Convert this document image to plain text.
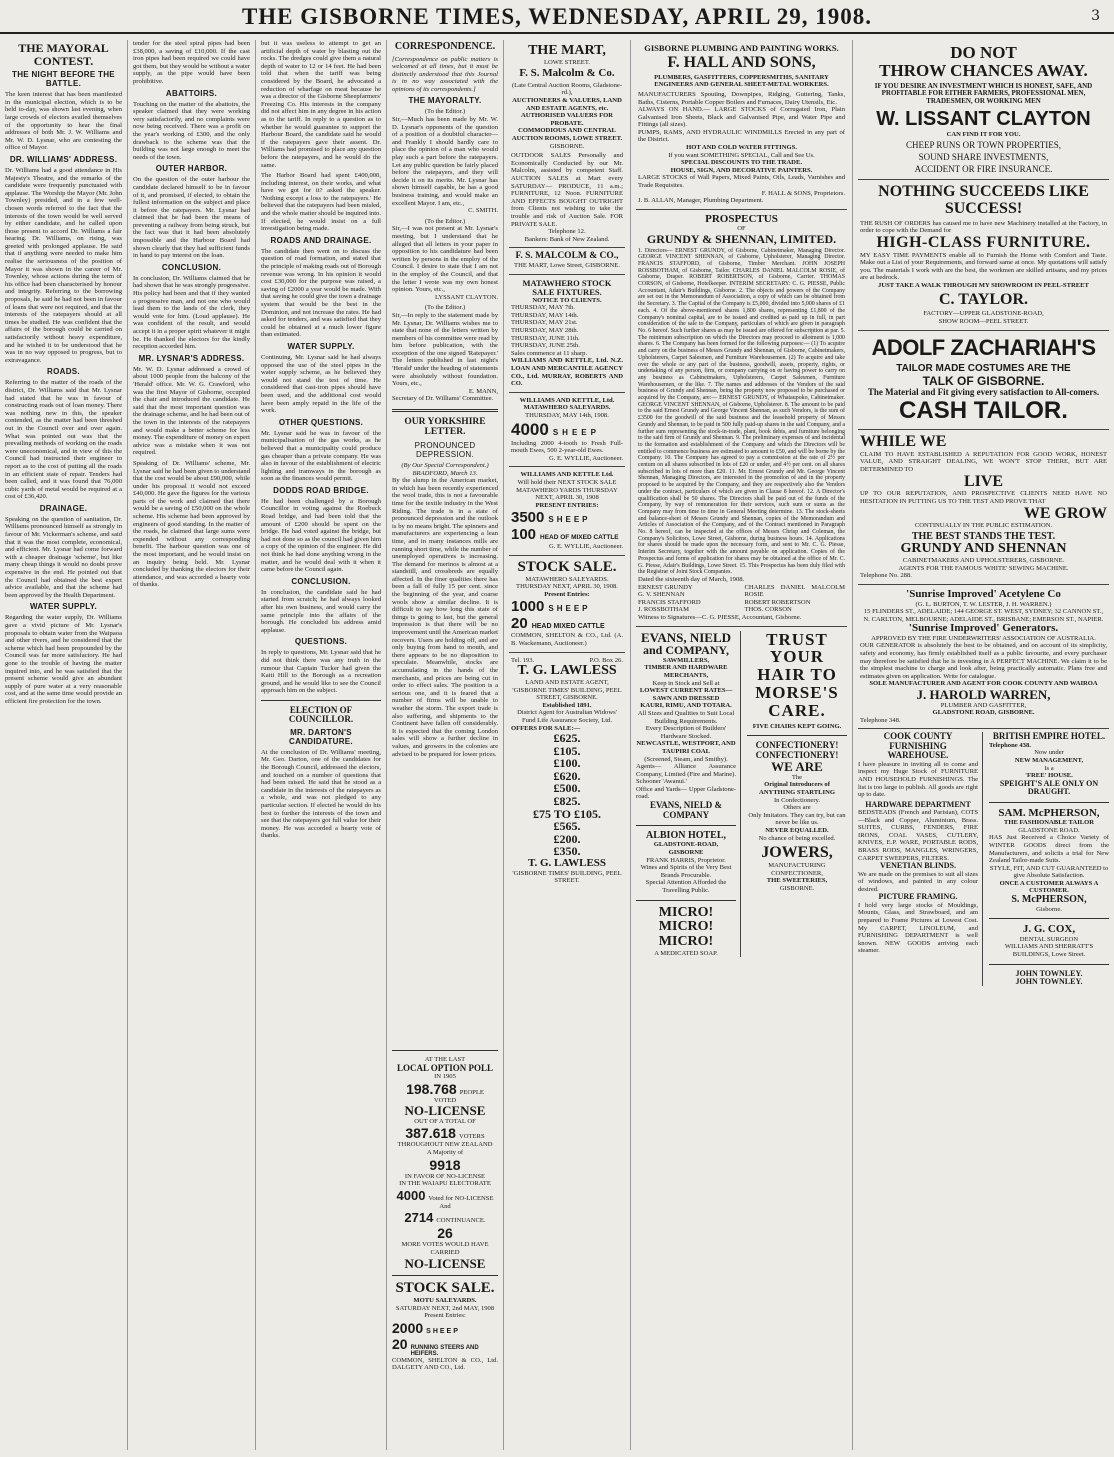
THE GISBORNE TIMES, WEDNESDAY, APRIL 29, 1908.	3
THE MAYORAL CONTEST.
THE NIGHT BEFORE THE BATTLE.

The keen interest that has been manifested in the municipal election, which is to be held to-day, was shown last evening, when large crowds of electors availed themselves of the opportunity to hear the final addresses of both Mr. J. W. Williams and Mr. W. D. Lysnar, who are contesting the office of Mayor.

DR. WILLIAMS' ADDRESS.

Dr. Williams had a good attendance in His Majesty's Theatre, and the remarks of the candidate were frequently punctuated with applause. The Worship the Mayor (Mr. John Townley) presided, and in a few well-chosen words referred to the fact that the interests of the town would be well served by either candidate, and he called upon those present to accord Dr. Williams a fair hearing. Dr. Williams, on rising, was greeted with prolonged applause. He said that if anything were needed to make him realise the seriousness of the position of Mayor it was shown in the career of Mr. Townley, whose actions during the term of his office had been characterised by honour and integrity. Referring to the borrowing proposals, he said he had not been in favour of loans that were not required, and that the interests of the ratepayers should at all times be studied. He was confident that the affairs of the borough could be carried on satisfactorily without heavy expenditure, and he wished it to be understood that he was in no way opposed to progress, but to extravagance.

ROADS.

Referring to the matter of the roads of the district, Dr. Williams said that Mr. Lysnar had stated that he was in favour of constructing roads out of loan money. There was nothing new in this, the speaker contended, as the matter had been threshed out in the Council over and over again. What was pointed out was that the prevailing methods of working on the roads were uneconomical, and in view of this the Council had instructed their engineer to report as to the cost of putting all the roads in an efficient state of repair. Tenders had been called, and it was found that 76,000 cubic yards of metal would be required at a cost of £36,420.

DRAINAGE.

Speaking on the question of sanitation, Dr. Williams pronounced himself as strongly in favour of Mr. Vickerman's scheme, and said that it was the most complete, economical, and efficient. Mr. Lysnar had come forward with a cheaper drainage 'scheme', but like many cheap things it would no doubt prove expensive in the end. He pointed out that the Council had obtained the best expert advice available, and that the scheme had been approved by the Health Department.

WATER SUPPLY.

Regarding the water supply, Dr. Williams gave a vivid picture of Mr. Lysnar's proposals to obtain water from the Waipaoa and other rivers, and he considered that the scheme which had been propounded by the Council was far more satisfactory. He had gone to the trouble of having the matter inquired into, and he was satisfied that the present scheme would give an abundant supply of pure water at a very reasonable cost, and at the same time would provide an efficient fire protection for the town.

tender for the steel spiral pipes had been £38,000, a saving of £10,000. If the cast iron pipes had been required we could have got them, but they would be without a water supply, as the pipe would have been prohibitive.

ABATTOIRS.

Touching on the matter of the abattoirs, the speaker claimed that they were working very satisfactorily, and no complaints were now being received. There was a profit on the year's working of £300, and the only drawback to the scheme was that the building was not large enough to meet the needs of the town.

OUTER HARBOR.

On the question of the outer harbour the candidate declared himself to be in favour of it, and promised, if elected, to obtain the fullest information on the subject and place it before the ratepayers. Mr. Lysnar had claimed that he had been the means of preventing a railway from being struck, but the fact was that it had been absolutely impossible and the Harbour Board had shown clearly that they had sufficient funds in hand to pay interest on the loan.

CONCLUSION.

In conclusion, Dr. Williams claimed that he had shown that he was strongly progressive. His policy had been and that if they wanted a progressive man, and not one who would lead them to the lands of the clerk, they would vote for him. (Loud applause). He was confident of the result, and would accept it in a proper spirit whatever it might be. He thanked the electors for the kindly reception accorded him.

MR. LYSNAR'S ADDRESS.

Mr. W. D. Lysnar addressed a crowd of about 1000 people from the balcony of the 'Herald' office. Mr. W. G. Crawford, who was the first Mayor of Gisborne, occupied the chair and introduced the candidate. He said that the most important question was the drainage scheme, and he had been out of the town in the interests of the ratepayers and would make a better scheme for less money. The expenditure of money on expert advice was a mistake when it was not required.

Speaking of Dr. Williams' scheme, Mr. Lysnar said he had been given to understand that the cost would be about £90,000, while under his proposal it would not exceed £40,000. He gave the figures for the various parts of the work and claimed that there would be a saving of £50,000 on the whole scheme. His scheme had been approved by engineers of good standing. In the matter of the roads, he claimed that large sums were expended without any corresponding benefit. The harbour question was one of the most important, and he would insist on an inquiry being held. Mr. Lysnar concluded by thanking the electors for their attendance, and was accorded a hearty vote of thanks.

but it was useless to attempt to get an artificial depth of water by blasting out the rocks. The dredges could give them a natural depth of water to 12 or 14 feet. He had been told that when the tariff was being considered by the Board, he advocated a reduction of wharfage on meat because he was a director of the Gisborne Sheepfarmers' Freezing Co. His interests in the company did not affect him in any degree in his action as to the tariff. In reply to a question as to whether he would guarantee to support the Harbour Board, the candidate said he would if the ratepayers gave their assent. Dr. Williams had promised to place any question before the ratepayers, and he would do the same.

The Harbor Board had spent £400,000, including interest, on their works, and what have we got for it? asked the speaker. 'Nothing except a loss to the ratepayers.' He believed that the ratepayers had been misled, and the whole matter should be inquired into. If elected, he would insist on a full investigation being made.

ROADS AND DRAINAGE.

The candidate then went on to discuss the question of road formation, and stated that the principle of making roads out of Borough revenue was wrong. In his opinion it would cost £30,000 for the purpose was raised, a saving of £2000 a year would be made. With that saving he could give the town a drainage system that would be the best in the Dominion, and not increase the rates. He had asked for tenders, and was satisfied that they could be obtained at a much lower figure than estimated.

WATER SUPPLY.

Continuing, Mr. Lysnar said he had always opposed the use of the steel pipes in the water supply scheme, as he believed they would not stand the test of time. He considered that cast-iron pipes should have been used, and the additional cost would have been amply repaid in the life of the work.

OTHER QUESTIONS.

Mr. Lysnar said he was in favour of the municipalisation of the gas works, as he believed that a municipality could produce gas cheaper than a private company. He was also in favour of the establishment of electric lighting and tramways in the borough as soon as the finances would permit.

DODDS ROAD BRIDGE.

He had been challenged by a Borough Councillor in voting against the Roebuck Road bridge, and had been told that the amount of £200 should be spent on the bridge. He had voted against the bridge, but had not done so as the council had given him a copy of the opinion of the engineer. He did not think he had done anything wrong in the matter, and he would deal with it when it came before the Council again.

CONCLUSION.

In conclusion, the candidate said he had started from scratch; he had always looked after his own business, and would carry the same principle into the affairs of the borough. He concluded his address amid applause.

QUESTIONS.

In reply to questions, Mr. Lysnar said that he did not think there was any truth in the rumour that Captain Tucker had given the Kaiti Hill to the Borough as a recreation ground, and he would like to see the Council approach him on the subject.

ELECTION OF COUNCILLOR.
MR. DARTON'S CANDIDATURE.

At the conclusion of Dr. Williams' meeting, Mr. Geo. Darton, one of the candidates for the Borough Council, addressed the electors, and touched on a number of questions that had been raised. He said that he stood as a candidate in the interests of the ratepayers as a whole, and was not pledged to any particular section. If elected he would do his best to further the interests of the town and see that the ratepayers got full value for their money. He was accorded a hearty vote of thanks.

CORRESPONDENCE.

[Correspondence on public matters is welcomed at all times, but it must be distinctly understood that this Journal is in no way associated with the opinions of its correspondents.]

THE MAYORALTY.
(To the Editor.)

Sir,—Much has been made by Mr. W. D. Lysnar's opponents of the question of a position of a doubtful character—and Frankly I should hardly care to place the opinion of a man who would play such a part before the ratepayers. Let any public question be fairly placed before the ratepayers, and they will decide it on its merits. Mr. Lysnar has shown himself capable, he has a good business training, and would make an excellent Mayor. I am, etc.,

C. SMITH.
(To the Editor.)

Sir,—I was not present at Mr. Lysnar's meeting, but I understand that he alleged that all letters in your paper in opposition to his candidature had been written by persons in the employ of the Council. I desire to state that I am not in the employ of the Council, and that the letter I wrote was my own honest opinion. Yours, etc.,

LYSSANT CLAYTON.
(To the Editor.)

Sir,—In reply to the statement made by Mr. Lysnar, Dr. Williams wishes me to state that none of the letters written by members of his committee were read by him before publication, with the exception of the one signed 'Ratepayer.' The letters published in last night's 'Herald' under the heading of statements were absolutely without foundation. Yours, etc.,

E. MANN,
Secretary of Dr. Williams' Committee.
OUR YORKSHIRE LETTER.
PRONOUNCED DEPRESSION.
(By Our Special Correspondent.) BRADFORD, March 13.

By the slump in the American market, in which has been recently experienced the wool trade, this is not a favourable time for the textile industry in the West Riding. The trade is in a state of pronounced depression and the outlook is by no means bright. The spinners and manufacturers are experiencing a lean time, and in many instances mills are running short time, while the number of unemployed operatives is increasing. The demand for merinos is almost at a standstill, and crossbreds are equally affected. In the finer qualities there has been a fall of fully 15 per cent. since the beginning of the year, and coarse wools show a similar decline. It is difficult to say how long this state of things is going to last, but the general impression is that there will be no improvement until the American market recovers. Users are holding off, and are only buying from hand to mouth, and there appears to be no disposition to speculate. Meanwhile, stocks are accumulating in the hands of the merchants, and prices are being cut in order to effect sales. The position is a serious one, and it is feared that a number of firms will be unable to weather the storm. The export trade is also suffering, and shipments to the Continent have fallen off considerably. It is expected that the coming London sales will show a further decline in values, and growers in the colonies are advised to be prepared for lower prices.

THE MART,
LOWE STREET.
F. S. Malcolm & Co.
(Late Central Auction Rooms, Gladstone-rd.),
AUCTIONEERS & VALUERS, LAND AND ESTATE AGENTS, etc.
AUTHORISED VALUERS FOR PROBATE.
COMMODIOUS AND CENTRAL AUCTION ROOMS, LOWE STREET.
GISBORNE.

OUTDOOR SALES Personally and Economically Conducted by our Mr. Malcolm, assisted by competent Staff. AUCTION SALES at Mart every SATURDAY— PRODUCE, 11 a.m.; FURNITURE, 12 Noon. FURNITURE AND EFFECTS BOUGHT OUTRIGHT from Clients not wishing to take the trouble and risk of Auction Sale. FOR PRIVATE SALE.

Telephone 12.
Bankers: Bank of New Zealand.
F. S. MALCOLM & CO.,
THE MART, Lowe Street, GISBORNE.
MATAWHERO STOCK SALE FIXTURES.
NOTICE TO CLIENTS.
THURSDAY, MAY 7th.
THURSDAY, MAY 14th.
THURSDAY, MAY 21st.
THURSDAY, MAY 28th.
THURSDAY, JUNE 11th.
THURSDAY, JUNE 25th.
Sales commence at 11 sharp.
WILLIAMS AND KETTLE, Ltd. N.Z. LOAN AND MERCANTILE AGENCY CO., Ltd. MURRAY, ROBERTS AND CO.
WILLIAMS AND KETTLE, Ltd.
MATAWHERO SALEYARDS.
THURSDAY, MAY 14th, 1908.
4000 SHEEP

Including 2000 4-tooth to Fresh Full-mouth Ewes, 500 2-year-old Ewes.

G. E. WYLLIE, Auctioneer.
WILLIAMS AND KETTLE Ltd.

Will hold their NEXT STOCK SALE MATAWHERO YARDS THURSDAY NEXT, APRIL 30, 1908

PRESENT ENTRIES:
3500 SHEEP
100 HEAD OF MIXED CATTLE
G. E. WYLLIE, Auctioneer.
STOCK SALE.
MATAWHERO SALEYARDS. THURSDAY NEXT, APRIL 30, 1908.
Present Entries:
1000 SHEEP
20 HEAD MIXED CATTLE
COMMON, SHELTON & CO., Ltd. (A. B. Wackemann, Auctioneer.)
Tel. 193.	P.O. Box 26.
T. G. LAWLESS
LAND AND ESTATE AGENT, 'GISBORNE TIMES' BUILDING, PEEL STREET, GISBORNE.
Established 1891.
District Agent for Australian Widows' Fund Life Assurance Society, Ltd.
OFFERS FOR SALE:—
£625.
£105.
£100.
£620.
£500.
£825.
£75 TO £105.
£565.
£200.
£350.
T. G. LAWLESS
'GISBORNE TIMES' BUILDING, PEEL STREET.
GISBORNE PLUMBING AND PAINTING WORKS.
F. HALL AND SONS,
PLUMBERS, GASFITTERS, COPPERSMITHS, SANITARY ENGINEERS AND GENERAL SHEET-METAL WORKERS.

MANUFACTURERS Spouting, Downpipes, Ridging, Guttering, Tanks, Baths, Cisterns, Portable Copper Boilers and Furnaces, Dairy Utensils, Etc.

ALWAYS ON HAND.— LARGE STOCKS of Corrugated Iron, Plain Galvanised Iron Sheets, Black and Galvanised Pipe, and Water Pipe and Fittings (all sizes).

PUMPS, RAMS, AND HYDRAULIC WINDMILLS Erected in any part of the District.

HOT AND COLD WATER FITTINGS.
If you want SOMETHING SPECIAL, Call and See Us.
SPECIAL DISCOUNTS TO THE TRADE.
HOUSE, SIGN, AND DECORATIVE PAINTERS.

LARGE STOCKS of Wall Papers, Mixed Paints, Oils, Leads, Varnishes and Trade Requisites.

F. HALL & SONS, Proprietors.
J. B. ALLAN, Manager, Plumbing Department.
PROSPECTUS
OF
GRUNDY & SHENNAN, LIMITED.

1. Directors— ERNEST GRUNDY, of Gisborne, Cabinetmaker, Managing Director. GEORGE VINCENT SHENNAN, of Gisborne, Upholsterer, Managing Director. FRANCIS STAFFORD, of Gisborne, Timber Merchant. JOHN JOSEPH ROSSBOTHAM, of Gisborne, Tailor. CHARLES DANIEL MALCOLM ROSIE, of Gisborne, Draper. ROBERT ROBERTSON, of Gisborne, Carrier. THOMAS CORSON, of Gisborne, Hotelkeeper. INTERIM SECRETARY: C. G. PIESSE, Public Accountant, Adair's Buildings, Gisborne. 2. The objects and powers of the Company are set out in the Memorandum of Association, a copy of which can be obtained from the Secretary. 3. The Capital of the Company is £5,000, divided into 5,000 shares of £1 each. 4. Of the above-mentioned shares 1,800 shares, representing £1,800 of the Company's nominal capital, are to be issued and credited as paid up in full, in part consideration of the sale to the Company, particulars of which are given in paragraph No. 6 hereof. Such further shares as may be issued are offered for subscription at par. 5. The minimum subscription on which the Directors may proceed to allotment is 1,000 shares. 6. The Company has been formed for the following purposes:— (1) To acquire and carry on the business of Messrs Grundy and Shennan, of Gisborne, Cabinetmakers, Upholsterers, Carpet Salesmen, and Furniture Warehousemen. (2) To acquire and take over the whole or any part of the business, goodwill, assets, property, rights, or undertaking of any person, firm, or company carrying on or having power to carry on any business as Cabinetmakers, Upholsterers, Carpet Salesmen, Furniture Warehousemen, or the like. 7. The names and addresses of the Vendors of the said business of Grundy and Shennan, being the property now proposed to be purchased or acquired by the Company, are:— ERNEST GRUNDY, of Whataupoko, Cabinetmaker. GEORGE VINCENT SHENNAN, of Gisborne, Upholsterer. 8. The amount to be paid to the said Ernest Grundy and George Vincent Shennan, as such Vendors, is the sum of £3500 for the goodwill of the said business and the leasehold property of Messrs Grundy and Shennan, to be paid in 500 fully paid-up shares in the said Company, and a further sum representing the stock-in-trade, plant, book debts, and furniture belonging to the said firm of Grundy and Shennan. 9. The preliminary expenses of and incidental to the formation and establishment of the Company and which the Directors will be entitled to commence business are estimated to amount to £50, and will be borne by the Company. 10. The Company has agreed to pay a commission at the rate of 2½ per centum on all shares subscribed in lots of £20 or under, and 4½ per cent. on all shares subscribed in lots of more than £20. 11. Mr. Ernest Grundy and Mr. George Vincent Shennan, Managing Directors, are interested in the promotion of and in the property proposed to be acquired by the Company, and they are respectively also the Vendors under the contract, particulars of which are given in Clause 8 hereof. 12. A Director's qualification shall be 50 shares. The Directors shall be paid out of the funds of the Company, by way of remuneration for their services, such sum or sums as the Company may from time to time in General Meeting determine. 13. The stock-sheets and balance-sheet of Messrs Grundy and Shennan, copies of the Memorandum and Articles of Association of the Company, and of the Contract mentioned in Paragraph No. 8 hereof, can be inspected at the offices of Messrs Chrisp and Coleman, the Company's Solicitors, Lowe Street, Gisborne, during business hours. 14. Applications for shares should be made upon the necessary form, and sent to Mr. C. G. Piesse, Interim Secretary, together with the amount payable on application. Copies of the Prospectus and forms of application for shares may be obtained at the office of Mr. C. G. Piesse, Adair's Buildings, Lowe Street. 15. This Prospectus has been duly filed with the Registrar of Joint Stock Companies.

Dated the sixteenth day of March, 1908.
ERNEST GRUNDY
G. V. SHENNAN
FRANCIS STAFFORD
J. ROSSBOTHAM
CHARLES DANIEL MALCOLM ROSIE
ROBERT ROBERTSON
THOS. CORSON
Witness to Signatures—C. G. PIESSE, Accountant, Gisborne.
EVANS, NIELD
and COMPANY,
SAWMILLERS,
TIMBER AND HARDWARE MERCHANTS,
Keep in Stock and Sell at
LOWEST CURRENT RATES—
SAWN AND DRESSED
KAURI, RIMU, AND TOTARA.
All Sizes and Qualities to Suit Local Building Requirements.
Every Description of Builders' Hardware Stocked.
NEWCASTLE, WESTPORT, AND TAUPIRI COAL
(Screened, Steam, and Smithy).
Agents— Alliance Assurance Company, Limited (Fire and Marine). Schooner 'Awanui.'
Office and Yards— Upper Gladstone-road.
EVANS, NIELD & COMPANY
ALBION HOTEL,
GLADSTONE-ROAD, GISBORNE
FRANK HARRIS, Proprietor.
Wines and Spirits of the Very Best Brands Procurable.
Special Attention Afforded the Travelling Public.
MICRO! MICRO! MICRO!
A MEDICATED SOAP.
TRUST YOUR HAIR TO MORSE'S CARE.
FIVE CHAIRS KEPT GOING.
CONFECTIONERY! CONFECTIONERY!
WE ARE
The
Original Introducers of
ANYTHING STARTLING
In Confectionery.
Others are
Only Imitators. They can try, but can never be like us.
NEVER EQUALLED.
No chance of being excelled.
JOWERS,
MANUFACTURING CONFECTIONER,
THE SWEETERIES,
GISBORNE.
AT THE LAST
LOCAL OPTION POLL
IN 1905
198.768 PEOPLE
VOTED
NO-LICENSE
OUT OF A TOTAL OF
387.618 VOTERS
THROUGHOUT NEW ZEALAND
A Majority of
9918
IN FAVOR OF NO-LICENSE
IN THE WAIAPU ELECTORATE
4000 Voted for NO-LICENSE
And
2714 CONTINUANCE.
26
MORE VOTES WOULD HAVE CARRIED
NO-LICENSE
STOCK SALE.
MOTU SALEYARDS.
SATURDAY NEXT, 2nd MAY, 1908
Present Entries:
2000 SHEEP
20 RUNNING STEERS AND HEIFERS.
COMMON, SHELTON & CO., Ltd. DALGETY AND CO., Ltd.
DO NOT
THROW CHANCES AWAY.

IF YOU DESIRE AN INVESTMENT WHICH IS HONEST, SAFE, AND PROFITABLE FOR EITHER FARMERS, PROFESSIONAL MEN, TRADESMEN, OR WORKING MEN

W. LISSANT CLAYTON
CAN FIND IT FOR YOU.
CHEEP RUNS OR TOWN PROPERTIES,
SOUND SHARE INVESTMENTS,
ACCIDENT OR FIRE INSURANCE.
NOTHING SUCCEEDS LIKE
SUCCESS!

THE RUSH OF ORDERS has caused me to have new Machinery installed at the Factory, in order to cope with the Demand for

HIGH-CLASS FURNITURE.

MY EASY TIME PAYMENTS enable all to Furnish the Home with Comfort and Taste. Make out a List of your Requirements, and forward same at once. My quotations will satisfy you. The materials I work with are the best, the workmen are skilled artisans, and my prices are at bedrock.

JUST TAKE A WALK THROUGH MY SHOWROOM IN PEEL-STREET
C. TAYLOR.
FACTORY—UPPER GLADSTONE-ROAD,
SHOW ROOM—PEEL STREET.
ADOLF ZACHARIAH'S
TAILOR MADE COSTUMES ARE THE
TALK OF GISBORNE.
The Material and Fit giving every satisfaction to All-comers.
CASH TAILOR.
WHILE WE

CLAIM TO HAVE ESTABLISHED A REPUTATION FOR GOOD WORK, HONEST VALUE, AND STRAIGHT DEALING, WE WON'T STOP THERE, BUT ARE DETERMINED TO

LIVE

UP TO OUR REPUTATION, AND PROSPECTIVE CLIENTS NEED HAVE NO HESITATION IN PUTTING US TO THE TEST AND PROVE THAT

WE GROW

CONTINUALLY IN THE PUBLIC ESTIMATION.

THE BEST STANDS THE TEST.
GRUNDY AND SHENNAN
CABINETMAKERS AND UPHOLSTERERS, GISBORNE.
AGENTS FOR THE FAMOUS 'WHITE' SEWING MACHINE.
Telephone No. 288.
'Sunrise Improved' Acetylene Co
(G. L. BURTON, T. W. LESTER, J. H. WARREN.)

15 FLINDERS ST., ADELAIDE; 144 GEORGE ST. WEST, SYDNEY; 32 CANNON ST., N. CARLTON, MELBOURNE; ADELAIDE ST., BRISBANE; EMERSON ST., NAPIER.

'Sunrise Improved' Generators.
APPROVED BY THE FIRE UNDERWRITERS' ASSOCIATION OF AUSTRALIA.

OUR GENERATOR is absolutely the best to be obtained, and on account of its simplicity, safety and economy, has firmly established itself as a public favourite, and every purchaser may therefore be satisfied that he is investing in A PERFECT MACHINE. We claim it to be the simplest machine to charge and look after, being practically automatic. Plans free and estimates given on application. Write for catalogue.

SOLE MANUFACTURER AND AGENT FOR COOK COUNTY AND WAIROA
J. HAROLD WARREN,
PLUMBER AND GASFITTER,
GLADSTONE ROAD, GISBORNE.
Telephone 348.
COOK COUNTY FURNISHING WAREHOUSE.

I have pleasure in inviting all to come and inspect my Huge Stock of FURNITURE AND HOUSEHOLD FURNISHINGS. The list is too large to publish. All goods are right up to date.

HARDWARE DEPARTMENT

BEDSTEADS (French and Parisian), COTS—Black and Copper, Aluminium, Brass. SUITES, CURBS, FENDERS, FIRE IRONS, COAL VASES, CUTLERY, KNIVES, E.P. WARE, PORTABLE RODS, BRASS RODS, MANGLES, WRINGERS, CARPET SWEEPERS, FILTERS.

VENETIAN BLINDS.

We are made on the premises to suit all sizes of windows, and painted in any colour desired.

PICTURE FRAMING.

I hold very large stocks of Mouldings, Mounts, Glass, and Strawboard, and am prepared to Frame Pictures at Lowest Cost. My CARPET, LINOLEUM, and FURNISHING DEPARTMENT is well known. NEW GOODS arriving each steamer.

BRITISH EMPIRE HOTEL.
Telephone 438.
Now under
NEW MANAGEMENT,
Is a
'FREE' HOUSE.
SPEIGHT'S ALE ONLY ON DRAUGHT.
SAM. McPHERSON,
THE FASHIONABLE TAILOR
GLADSTONE ROAD.

HAS Just Received a Choice Variety of WINTER GOODS direct from the Manufacturers, and solicits a trial for New Zealand Tailor-made Suits.

STYLE, FIT, AND CUT GUARANTEED to give Absolute Satisfaction.
ONCE A CUSTOMER ALWAYS A CUSTOMER.
S. McPHERSON,
Gisborne.
J. G. COX,
DENTAL SURGEON
WILLIAMS AND SHERRATT'S BUILDINGS, Lowe Street.
JOHN TOWNLEY.
JOHN TOWNLEY.
